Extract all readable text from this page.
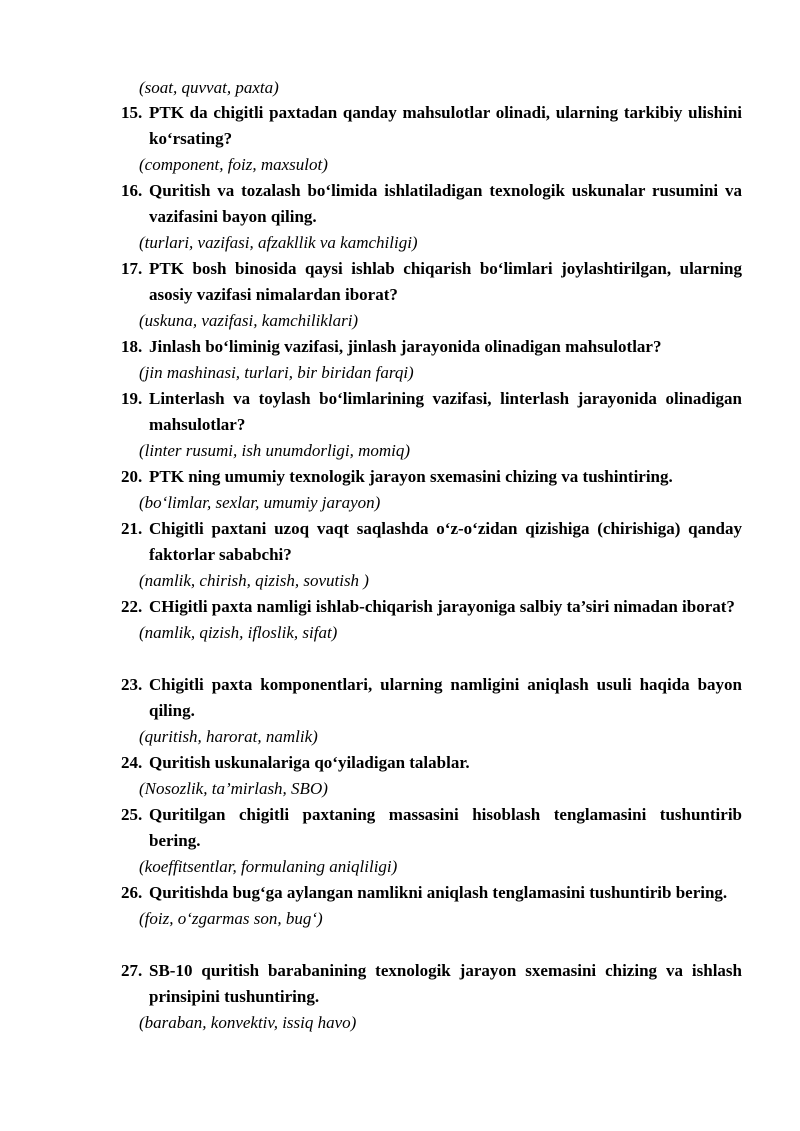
(soat, quvvat, paxta)
15. PTK da chigitli paxtadan qanday mahsulotlar olinadi, ularning tarkibiy ulishini ko‘rsating?
(component, foiz, maxsulot)
16. Quritish va tozalash bo‘limida ishlatiladigan texnologik uskunalar rusumini va vazifasini bayon qiling.
(turlari, vazifasi, afzakllik va kamchiligi)
17. PTK bosh binosida qaysi ishlab chiqarish bo‘limlari joylashtirilgan, ularning asosiy vazifasi nimalardan iborat?
(uskuna, vazifasi, kamchiliklari)
18. Jinlash bo‘liminig vazifasi, jinlash jarayonida olinadigan mahsulotlar?
(jin mashinasi, turlari, bir biridan farqi)
19. Linterlash va toylash bo‘limlarining vazifasi, linterlash jarayonida olinadigan mahsulotlar?
(linter rusumi, ish unumdorligi, momiq)
20. PTK ning umumiy texnologik jarayon sxemasini chizing va tushintiring.
(bo‘limlar, sexlar, umumiy jarayon)
21. Chigitli paxtani uzoq vaqt saqlashda o‘z-o‘zidan qizishiga (chirishiga) qanday faktorlar sababchi?
(namlik, chirish, qizish, sovutish )
22. CHigitli paxta namligi ishlab-chiqarish jarayoniga salbiy ta’siri nimadan iborat?
(namlik, qizish, ifloslik, sifat)
23. Chigitli paxta komponentlari, ularning namligini aniqlash usuli haqida bayon qiling.
(quritish, harorat, namlik)
24. Quritish uskunalariga qo‘yiladigan talablar.
(Nosozlik, ta’mirlash, SBO)
25. Quritilgan chigitli paxtaning massasini hisoblash tenglamasini tushuntirib bering.
(koeffitsentlar, formulaning aniqliligi)
26. Quritishda bug‘ga aylangan namlikni aniqlash tenglamasini tushuntirib bering.
(foiz, o‘zgarmas son, bug‘)
27. SB-10 quritish barabanining texnologik jarayon sxemasini chizing va ishlash prinsipini tushuntiring.
(baraban, konvektiv, issiq havo)
